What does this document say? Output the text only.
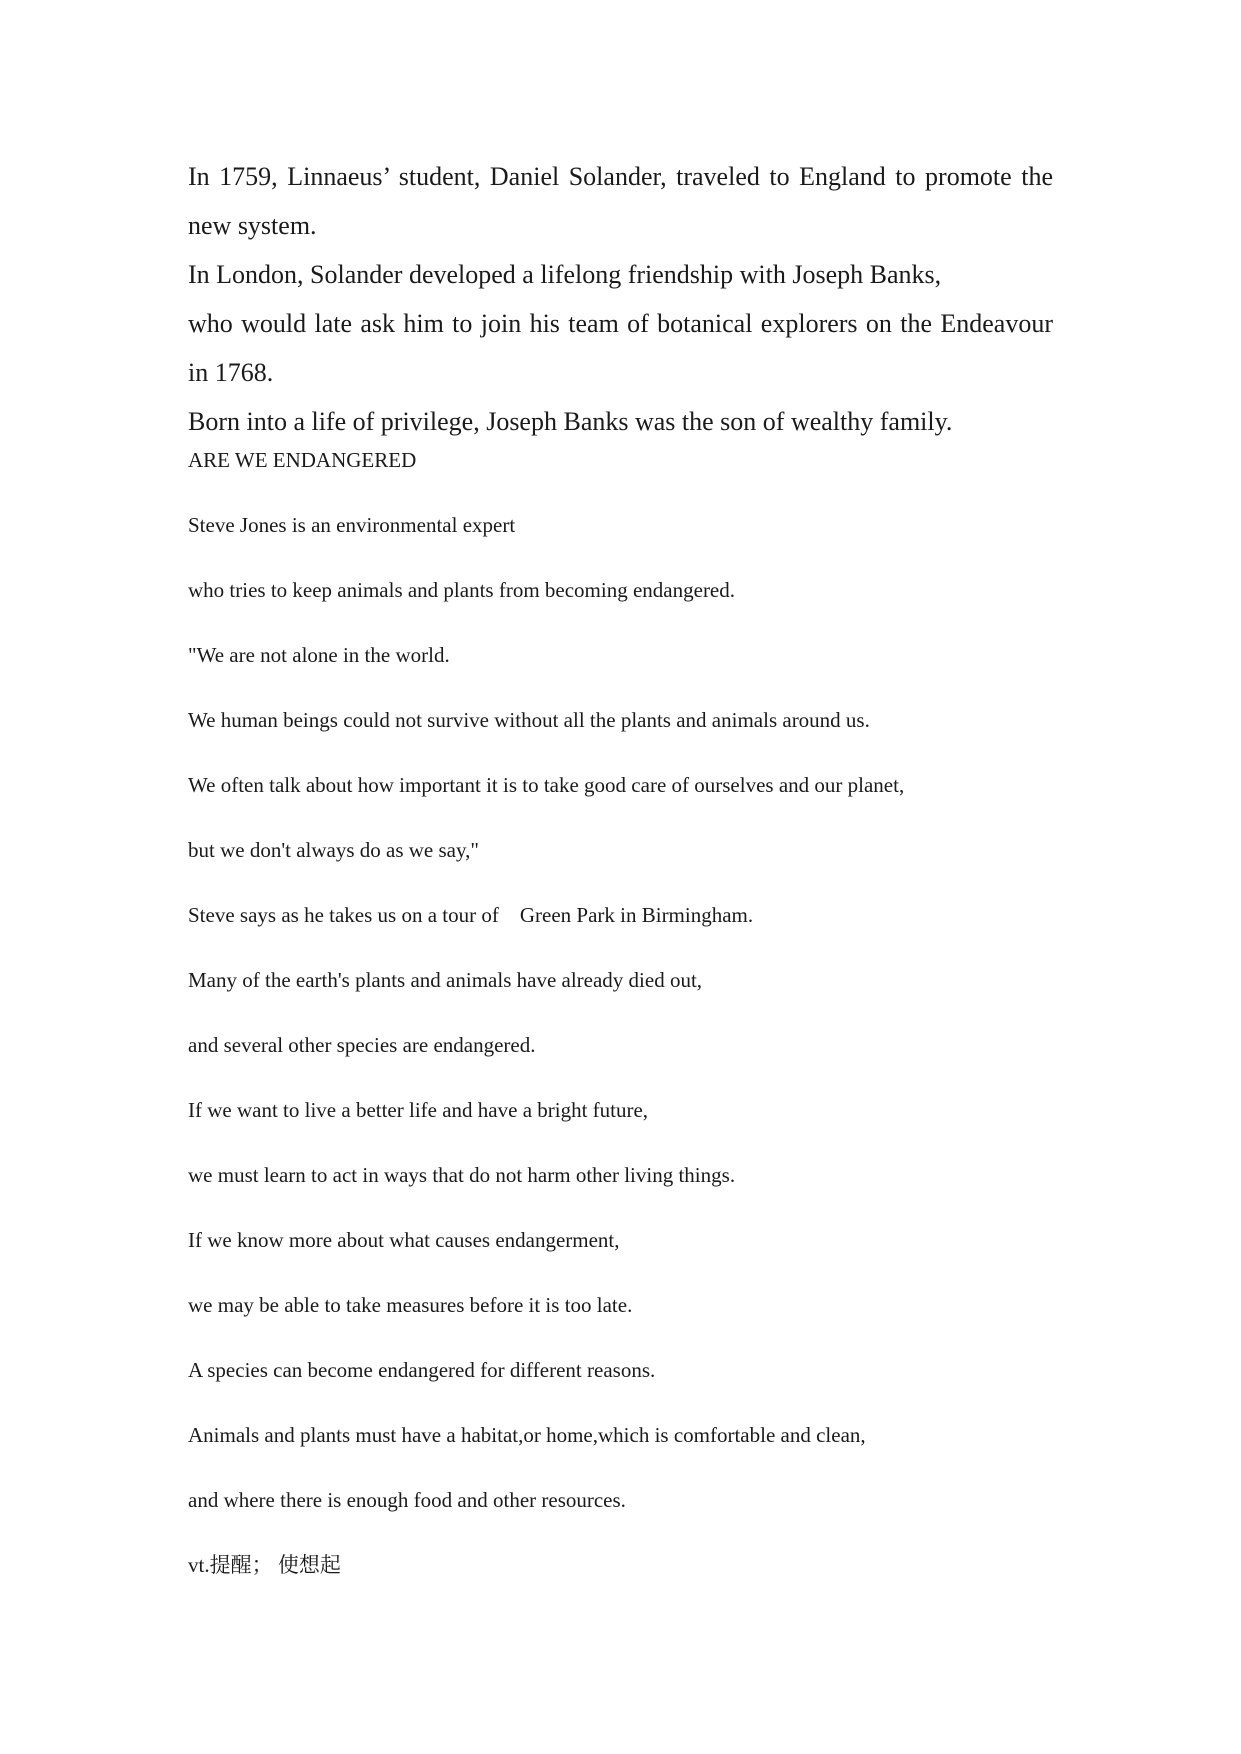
In 1759, Linnaeus’ student, Daniel Solander, traveled to England to promote the new system.

In London, Solander developed a lifelong friendship with Joseph Banks,

who would late ask him to join his team of botanical explorers on the Endeavour in 1768.

Born into a life of privilege, Joseph Banks was the son of wealthy family.

ARE WE ENDANGERED

Steve Jones is an environmental expert

who tries to keep animals and plants from becoming endangered.

"We are not alone in the world.

We human beings could not survive without all the plants and animals around us.

We often talk about how important it is to take good care of ourselves and our planet,

but we don't always do as we say,"

Steve says as he takes us on a tour of    Green Park in Birmingham.

Many of the earth's plants and animals have already died out,

and several other species are endangered.

If we want to live a better life and have a bright future,

we must learn to act in ways that do not harm other living things.

If we know more about what causes endangerment,

we may be able to take measures before it is too late.

A species can become endangered for different reasons.

Animals and plants must have a habitat,or home,which is comfortable and clean,

and where there is enough food and other resources.

vt.提醒； 使想起
